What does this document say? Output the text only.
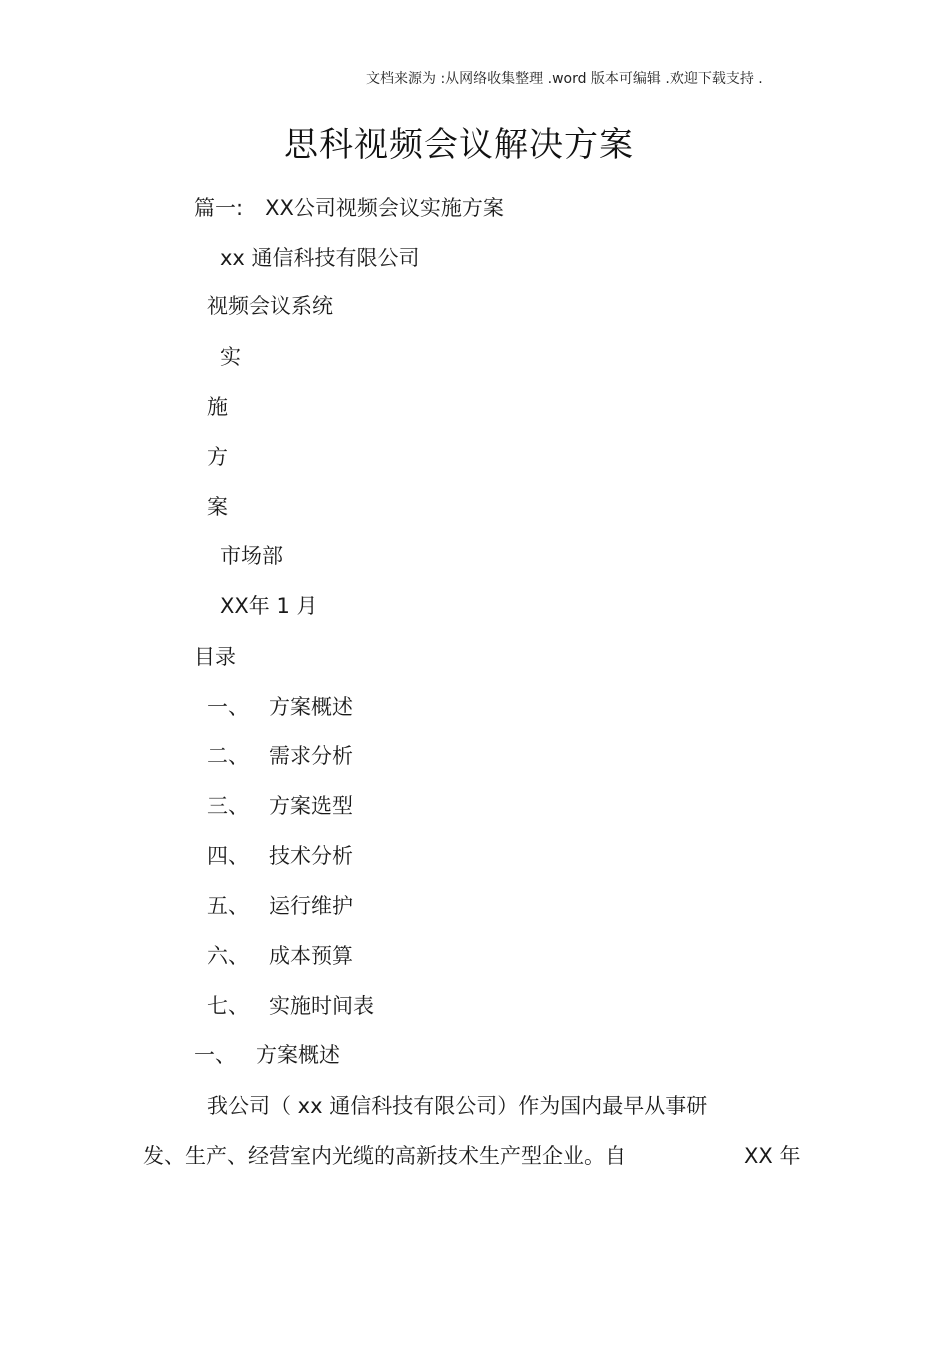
文档来源为 :从网络收集整理 .word 版本可编辑 .欢迎下载支持 .
思科视频会议解决方案
篇一: XX公司视频会议实施方案
xx 通信科技有限公司
视频会议系统
实
施
方
案
市场部
XX年 1 月
目录
一、 方案概述
二、 需求分析
三、 方案选型
四、 技术分析
五、 运行维护
六、 成本预算
七、 实施时间表
一、 方案概述
我公司（ xx 通信科技有限公司）作为国内最早从事研
发、生产、经营室内光缆的高新技术生产型企业。自	XX 年
